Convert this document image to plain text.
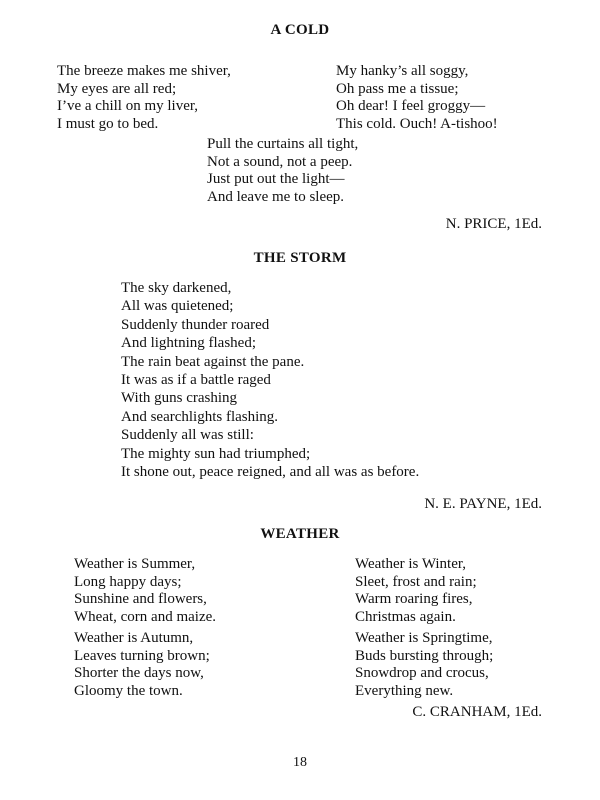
A COLD
The breeze makes me shiver,
My eyes are all red;
I’ve a chill on my liver,
I must go to bed.
My hanky’s all soggy,
Oh pass me a tissue;
Oh dear! I feel groggy—
This cold. Ouch! A-tishoo!
Pull the curtains all tight,
Not a sound, not a peep.
Just put out the light—
And leave me to sleep.
N. PRICE, 1Ed.
THE STORM
The sky darkened,
All was quietened;
Suddenly thunder roared
And lightning flashed;
The rain beat against the pane.
It was as if a battle raged
With guns crashing
And searchlights flashing.
Suddenly all was still:
The mighty sun had triumphed;
It shone out, peace reigned, and all was as before.
N. E. PAYNE, 1Ed.
WEATHER
Weather is Summer,
Long happy days;
Sunshine and flowers,
Wheat, corn and maize.
Weather is Autumn,
Leaves turning brown;
Shorter the days now,
Gloomy the town.
Weather is Winter,
Sleet, frost and rain;
Warm roaring fires,
Christmas again.
Weather is Springtime,
Buds bursting through;
Snowdrop and crocus,
Everything new.
C. CRANHAM, 1Ed.
18
